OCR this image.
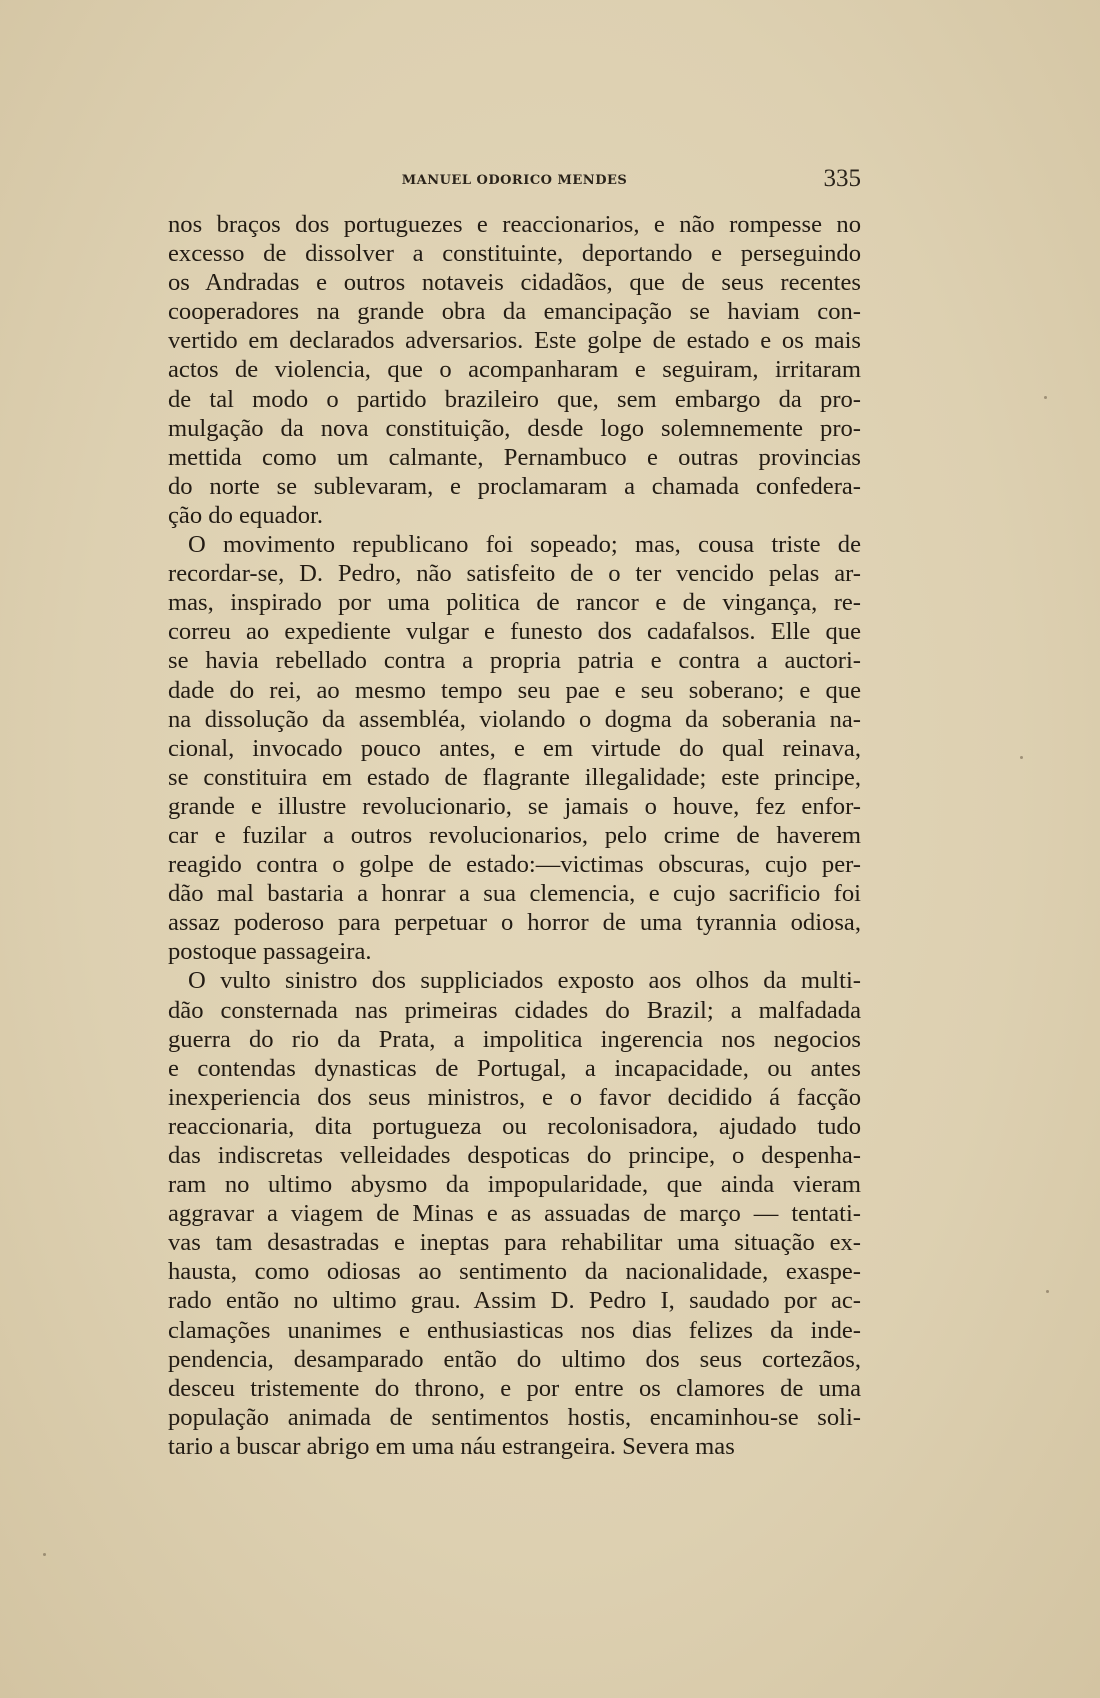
MANUEL ODORICO MENDES	335
nos braços dos portuguezes e reaccionarios, e não rompesse no
excesso de dissolver a constituinte, deportando e perseguindo
os Andradas e outros notaveis cidadãos, que de seus recentes
cooperadores na grande obra da emancipação se haviam con-
vertido em declarados adversarios. Este golpe de estado e os mais
actos de violencia, que o acompanharam e seguiram, irritaram
de tal modo o partido brazileiro que, sem embargo da pro-
mulgação da nova constituição, desde logo solemnemente pro-
mettida como um calmante, Pernambuco e outras provincias
do norte se sublevaram, e proclamaram a chamada confedera-
ção do equador.
O movimento republicano foi sopeado; mas, cousa triste de
recordar-se, D. Pedro, não satisfeito de o ter vencido pelas ar-
mas, inspirado por uma politica de rancor e de vingança, re-
correu ao expediente vulgar e funesto dos cadafalsos. Elle que
se havia rebellado contra a propria patria e contra a auctori-
dade do rei, ao mesmo tempo seu pae e seu soberano; e que
na dissolução da assembléa, violando o dogma da soberania na-
cional, invocado pouco antes, e em virtude do qual reinava,
se constituira em estado de flagrante illegalidade; este principe,
grande e illustre revolucionario, se jamais o houve, fez enfor-
car e fuzilar a outros revolucionarios, pelo crime de haverem
reagido contra o golpe de estado:—victimas obscuras, cujo per-
dão mal bastaria a honrar a sua clemencia, e cujo sacrificio foi
assaz poderoso para perpetuar o horror de uma tyrannia odiosa,
postoque passageira.
O vulto sinistro dos suppliciados exposto aos olhos da multi-
dão consternada nas primeiras cidades do Brazil; a malfadada
guerra do rio da Prata, a impolitica ingerencia nos negocios
e contendas dynasticas de Portugal, a incapacidade, ou antes
inexperiencia dos seus ministros, e o favor decidido á facção
reaccionaria, dita portugueza ou recolonisadora, ajudado tudo
das indiscretas velleidades despoticas do principe, o despenha-
ram no ultimo abysmo da impopularidade, que ainda vieram
aggravar a viagem de Minas e as assuadas de março — tentati-
vas tam desastradas e ineptas para rehabilitar uma situação ex-
hausta, como odiosas ao sentimento da nacionalidade, exaspe-
rado então no ultimo grau. Assim D. Pedro I, saudado por ac-
clamações unanimes e enthusiasticas nos dias felizes da inde-
pendencia, desamparado então do ultimo dos seus cortezãos,
desceu tristemente do throno, e por entre os clamores de uma
população animada de sentimentos hostis, encaminhou-se soli-
tario a buscar abrigo em uma náu estrangeira. Severa mas
